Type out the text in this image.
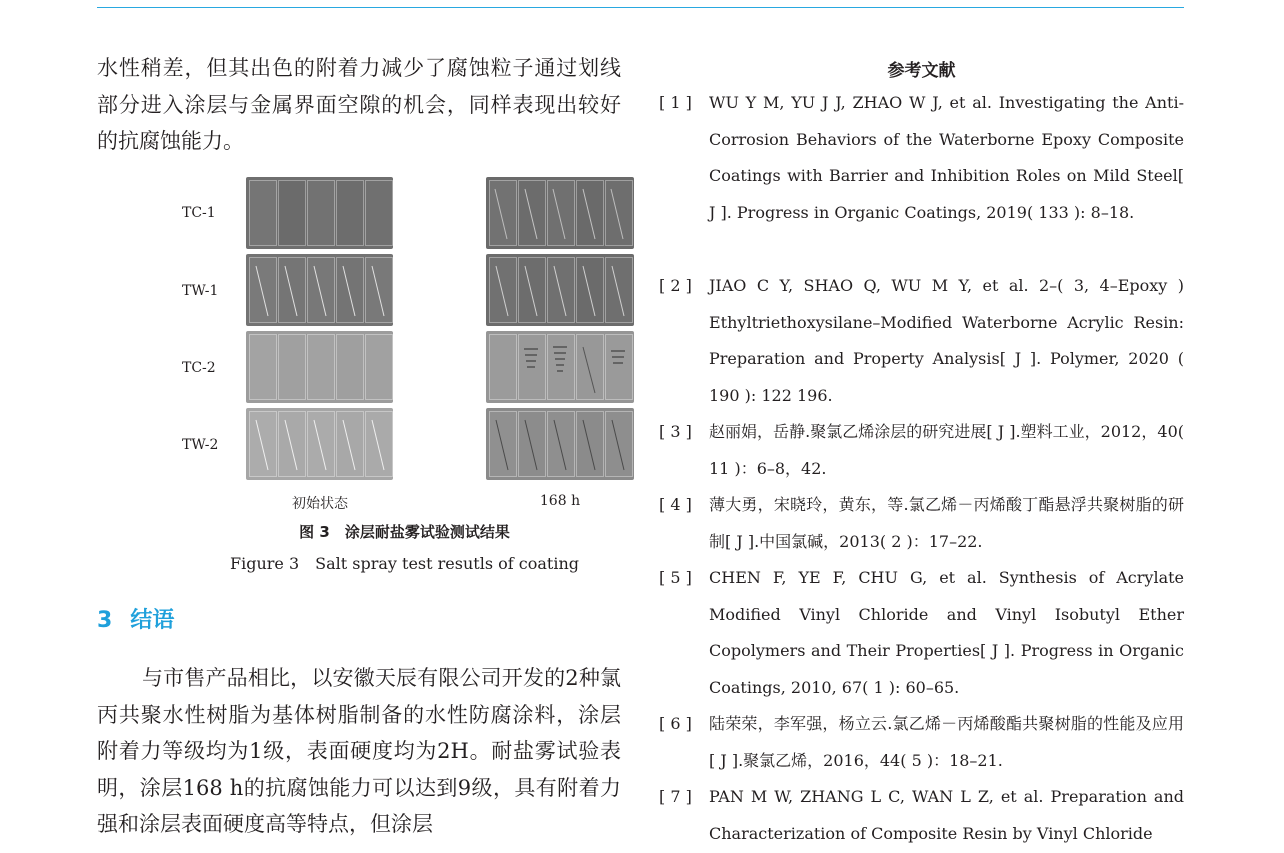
水性稍差，但其出色的附着力减少了腐蚀粒子通过划线部分进入涂层与金属界面空隙的机会，同样表现出较好的抗腐蚀能力。

TC-1
TW-1
TC-2
TW-2
初始状态	168 h
图 3　涂层耐盐雾试验测试结果
Figure 3　Salt spray test resutls of coating
3 结语

与市售产品相比，以安徽天辰有限公司开发的2种氯丙共聚水性树脂为基体树脂制备的水性防腐涂料，涂层附着力等级均为1级，表面硬度均为2H。耐盐雾试验表明，涂层168 h的抗腐蚀能力可以达到9级，具有附着力强和涂层表面硬度高等特点，但涂层

参考文献
[ 1 ]	WU Y M, YU J J, ZHAO W J, et al. Investigating the Anti-Corrosion Behaviors of the Waterborne Epoxy Composite Coatings with Barrier and Inhibition Roles on Mild Steel[ J ]. Progress in Organic Coatings, 2019( 133 ): 8–18.
[ 2 ]	JIAO C Y, SHAO Q, WU M Y, et al. 2–( 3, 4–Epoxy ) Ethyltriethoxysilane–Modified Waterborne Acrylic Resin: Preparation and Property Analysis[ J ]. Polymer, 2020 ( 190 ): 122 196.
[ 3 ]	赵丽娟，岳静.聚氯乙烯涂层的研究进展[ J ].塑料工业，2012，40( 11 )：6–8，42.
[ 4 ]	薄大勇，宋晓玲，黄东，等.氯乙烯－丙烯酸丁酯悬浮共聚树脂的研制[ J ].中国氯碱，2013( 2 )：17–22.
[ 5 ]	CHEN F, YE F, CHU G, et al. Synthesis of Acrylate Modified Vinyl Chloride and Vinyl Isobutyl Ether Copolymers and Their Properties[ J ]. Progress in Organic Coatings, 2010, 67( 1 ): 60–65.
[ 6 ]	陆荣荣，李军强，杨立云.氯乙烯－丙烯酸酯共聚树脂的性能及应用[ J ].聚氯乙烯，2016，44( 5 )：18–21.
[ 7 ]	PAN M W, ZHANG L C, WAN L Z, et al. Preparation and Characterization of Composite Resin by Vinyl Chloride
